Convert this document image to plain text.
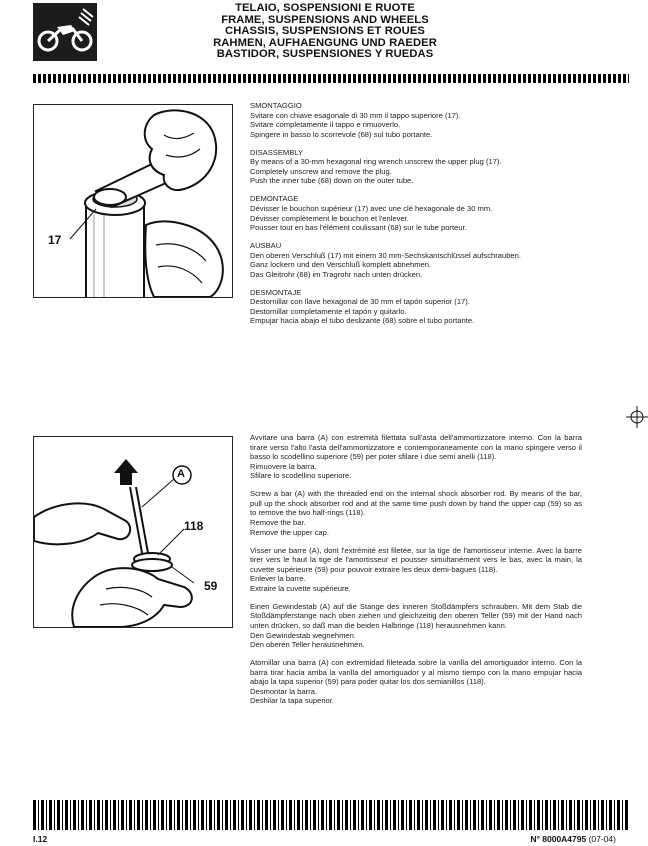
TELAIO, SOSPENSIONI E RUOTE
FRAME, SUSPENSIONS AND WHEELS
CHASSIS, SUSPENSIONS ET ROUES
RAHMEN, AUFHAENGUNG UND RAEDER
BASTIDOR, SUSPENSIONES Y RUEDAS
17
SMONTAGGIO
Svitare con chiave esagonale di 30 mm il tappo superiore (17).
Svitare completamente il tappo e rimuoverlo.
Spingere in basso lo scorrevole (68) sul tubo portante.
DISASSEMBLY
By means of a 30-mm hexagonal ring wrench unscrew the upper plug (17).
Completely unscrew and remove the plug.
Push the inner tube (68) down on the outer tube.
DEMONTAGE
Dévisser le bouchon supérieur (17) avec une clé hexagonale de 30 mm.
Dévisser complètement le bouchon et l'enlever.
Pousser tout en bas l'élément coulissant (68) sur le tube porteur.
AUSBAU
Den oberen Verschluß (17) mit einem 30 mm-Sechskantschlüssel aufschrauben.
Ganz lockern und den Verschluß komplett abnehmen.
Das Gleitrohr (68) im Tragrohr nach unten drücken.
DESMONTAJE
Destornillar con llave hexagonal de 30 mm el tapón superior (17).
Destornillar completamente el tapón y quitarlo.
Empujar hacia abajo el tubo deslizante (68) sobre el tubo portante.
A
118
59
Avvitare una barra (A) con estremità filettata sull'asta dell'ammortizzatore interno. Con la barra tirare verso l'alto l'asta dell'ammortizzatore e contemporaneamente con la mano spingere verso il basso lo scodellino superiore (59) per poter sfilare i due semi anelli (118).
Rimuovere la barra.
Sfilare lo scodellino superiore.
Screw a bar (A) with the threaded end on the internal shock absorber rod. By means of the bar, pull up the shock absorber rod and at the same time push down by hand the upper cap (59) so as to remove the two half-rings (118).
Remove the bar.
Remove the upper cap.
Visser une barre (A), dont l'extrémité est filetée, sur la tige de l'amortisseur interne. Avec la barre tirer vers le haut la tige de l'amortisseur et pousser simultanément vers le bas, avec la main, la cuvette supérieure (59) pour pouvoir extraire les deux demi-bagues (118).
Enlever la barre.
Extraire la cuvette supérieure.
Einen Gewindestab (A) auf die Stange des inneren Stoßdämpfers schrauben. Mit dem Stab die Stoßdämpferstange nach oben ziehen und gleichzeitig den oberen Teller (59) mit der Hand nach unten drücken, so daß man die beiden Halbringe (118) herausnehmen kann.
Den Gewindestab wegnehmen.
Den oberen Teller herausnehmen.
Atornillar una barra (A) con extremidad fileteada sobre la varilla del amortiguador interno. Con la barra tirar hacia arriba la varilla del amortiguador y al mismo tiempo con la mano empujar hacia abajo la tapa superior (59) para poder quitar los dos semianillos (118).
Desmontar la barra.
Deshilar la tapa superior.
I.12	N° 8000A4795 (07-04)
